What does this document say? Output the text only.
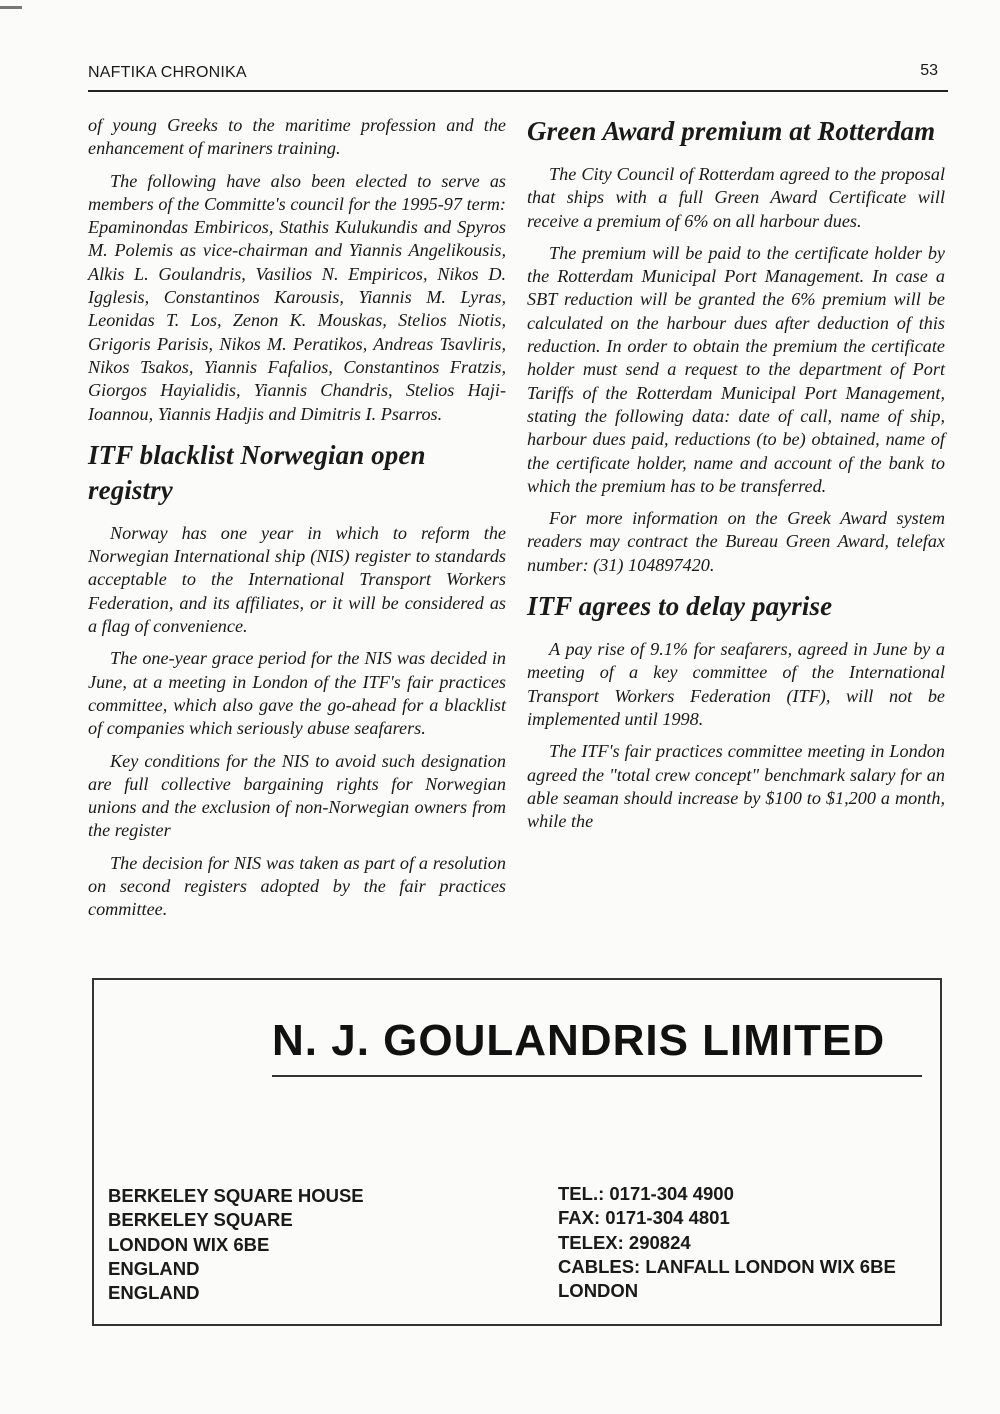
NAFTIKA CHRONIKA	53

of young Greeks to the maritime profession and the enhancement of mariners training.

The following have also been elected to serve as members of the Committe's council for the 1995-97 term: Epaminondas Embiricos, Stathis Kulukundis and Spyros M. Polemis as vice-chairman and Yiannis Angelikousis, Alkis L. Goulandris, Vasilios N. Empiricos, Nikos D. Igglesis, Constantinos Karousis, Yiannis M. Lyras, Leonidas T. Los, Zenon K. Mouskas, Stelios Niotis, Grigoris Parisis, Nikos M. Peratikos, Andreas Tsavliris, Nikos Tsakos, Yiannis Fafalios, Constantinos Fratzis, Giorgos Hayialidis, Yiannis Chandris, Stelios Haji-Ioannou, Yiannis Hadjis and Dimitris I. Psarros.

ITF blacklist Norwegian open registry

Norway has one year in which to reform the Norwegian International ship (NIS) register to standards acceptable to the International Transport Workers Federation, and its affiliates, or it will be considered as a flag of convenience.

The one-year grace period for the NIS was decided in June, at a meeting in London of the ITF's fair practices committee, which also gave the go-ahead for a blacklist of companies which seriously abuse seafarers.

Key conditions for the NIS to avoid such designation are full collective bargaining rights for Norwegian unions and the exclusion of non-Norwegian owners from the register

The decision for NIS was taken as part of a resolution on second registers adopted by the fair practices committee.

Green Award premium at Rotterdam

The City Council of Rotterdam agreed to the proposal that ships with a full Green Award Certificate will receive a premium of 6% on all harbour dues.

The premium will be paid to the certificate holder by the Rotterdam Municipal Port Management. In case a SBT reduction will be granted the 6% premium will be calculated on the harbour dues after deduction of this reduction. In order to obtain the premium the certificate holder must send a request to the department of Port Tariffs of the Rotterdam Municipal Port Management, stating the following data: date of call, name of ship, harbour dues paid, reductions (to be) obtained, name of the certificate holder, name and account of the bank to which the premium has to be transferred.

For more information on the Greek Award system readers may contract the Bureau Green Award, telefax number: (31) 104897420.

ITF agrees to delay payrise

A pay rise of 9.1% for seafarers, agreed in June by a meeting of a key committee of the International Transport Workers Federation (ITF), will not be implemented until 1998.

The ITF's fair practices committee meeting in London agreed the "total crew concept" benchmark salary for an able seaman should increase by $100 to $1,200 a month, while the

N. J. GOULANDRIS LIMITED
BERKELEY SQUARE HOUSE
BERKELEY SQUARE
LONDON WIX 6BE
ENGLAND
ENGLAND
TEL.: 0171-304 4900
FAX: 0171-304 4801
TELEX: 290824
CABLES: LANFALL LONDON WIX 6BE
LONDON
